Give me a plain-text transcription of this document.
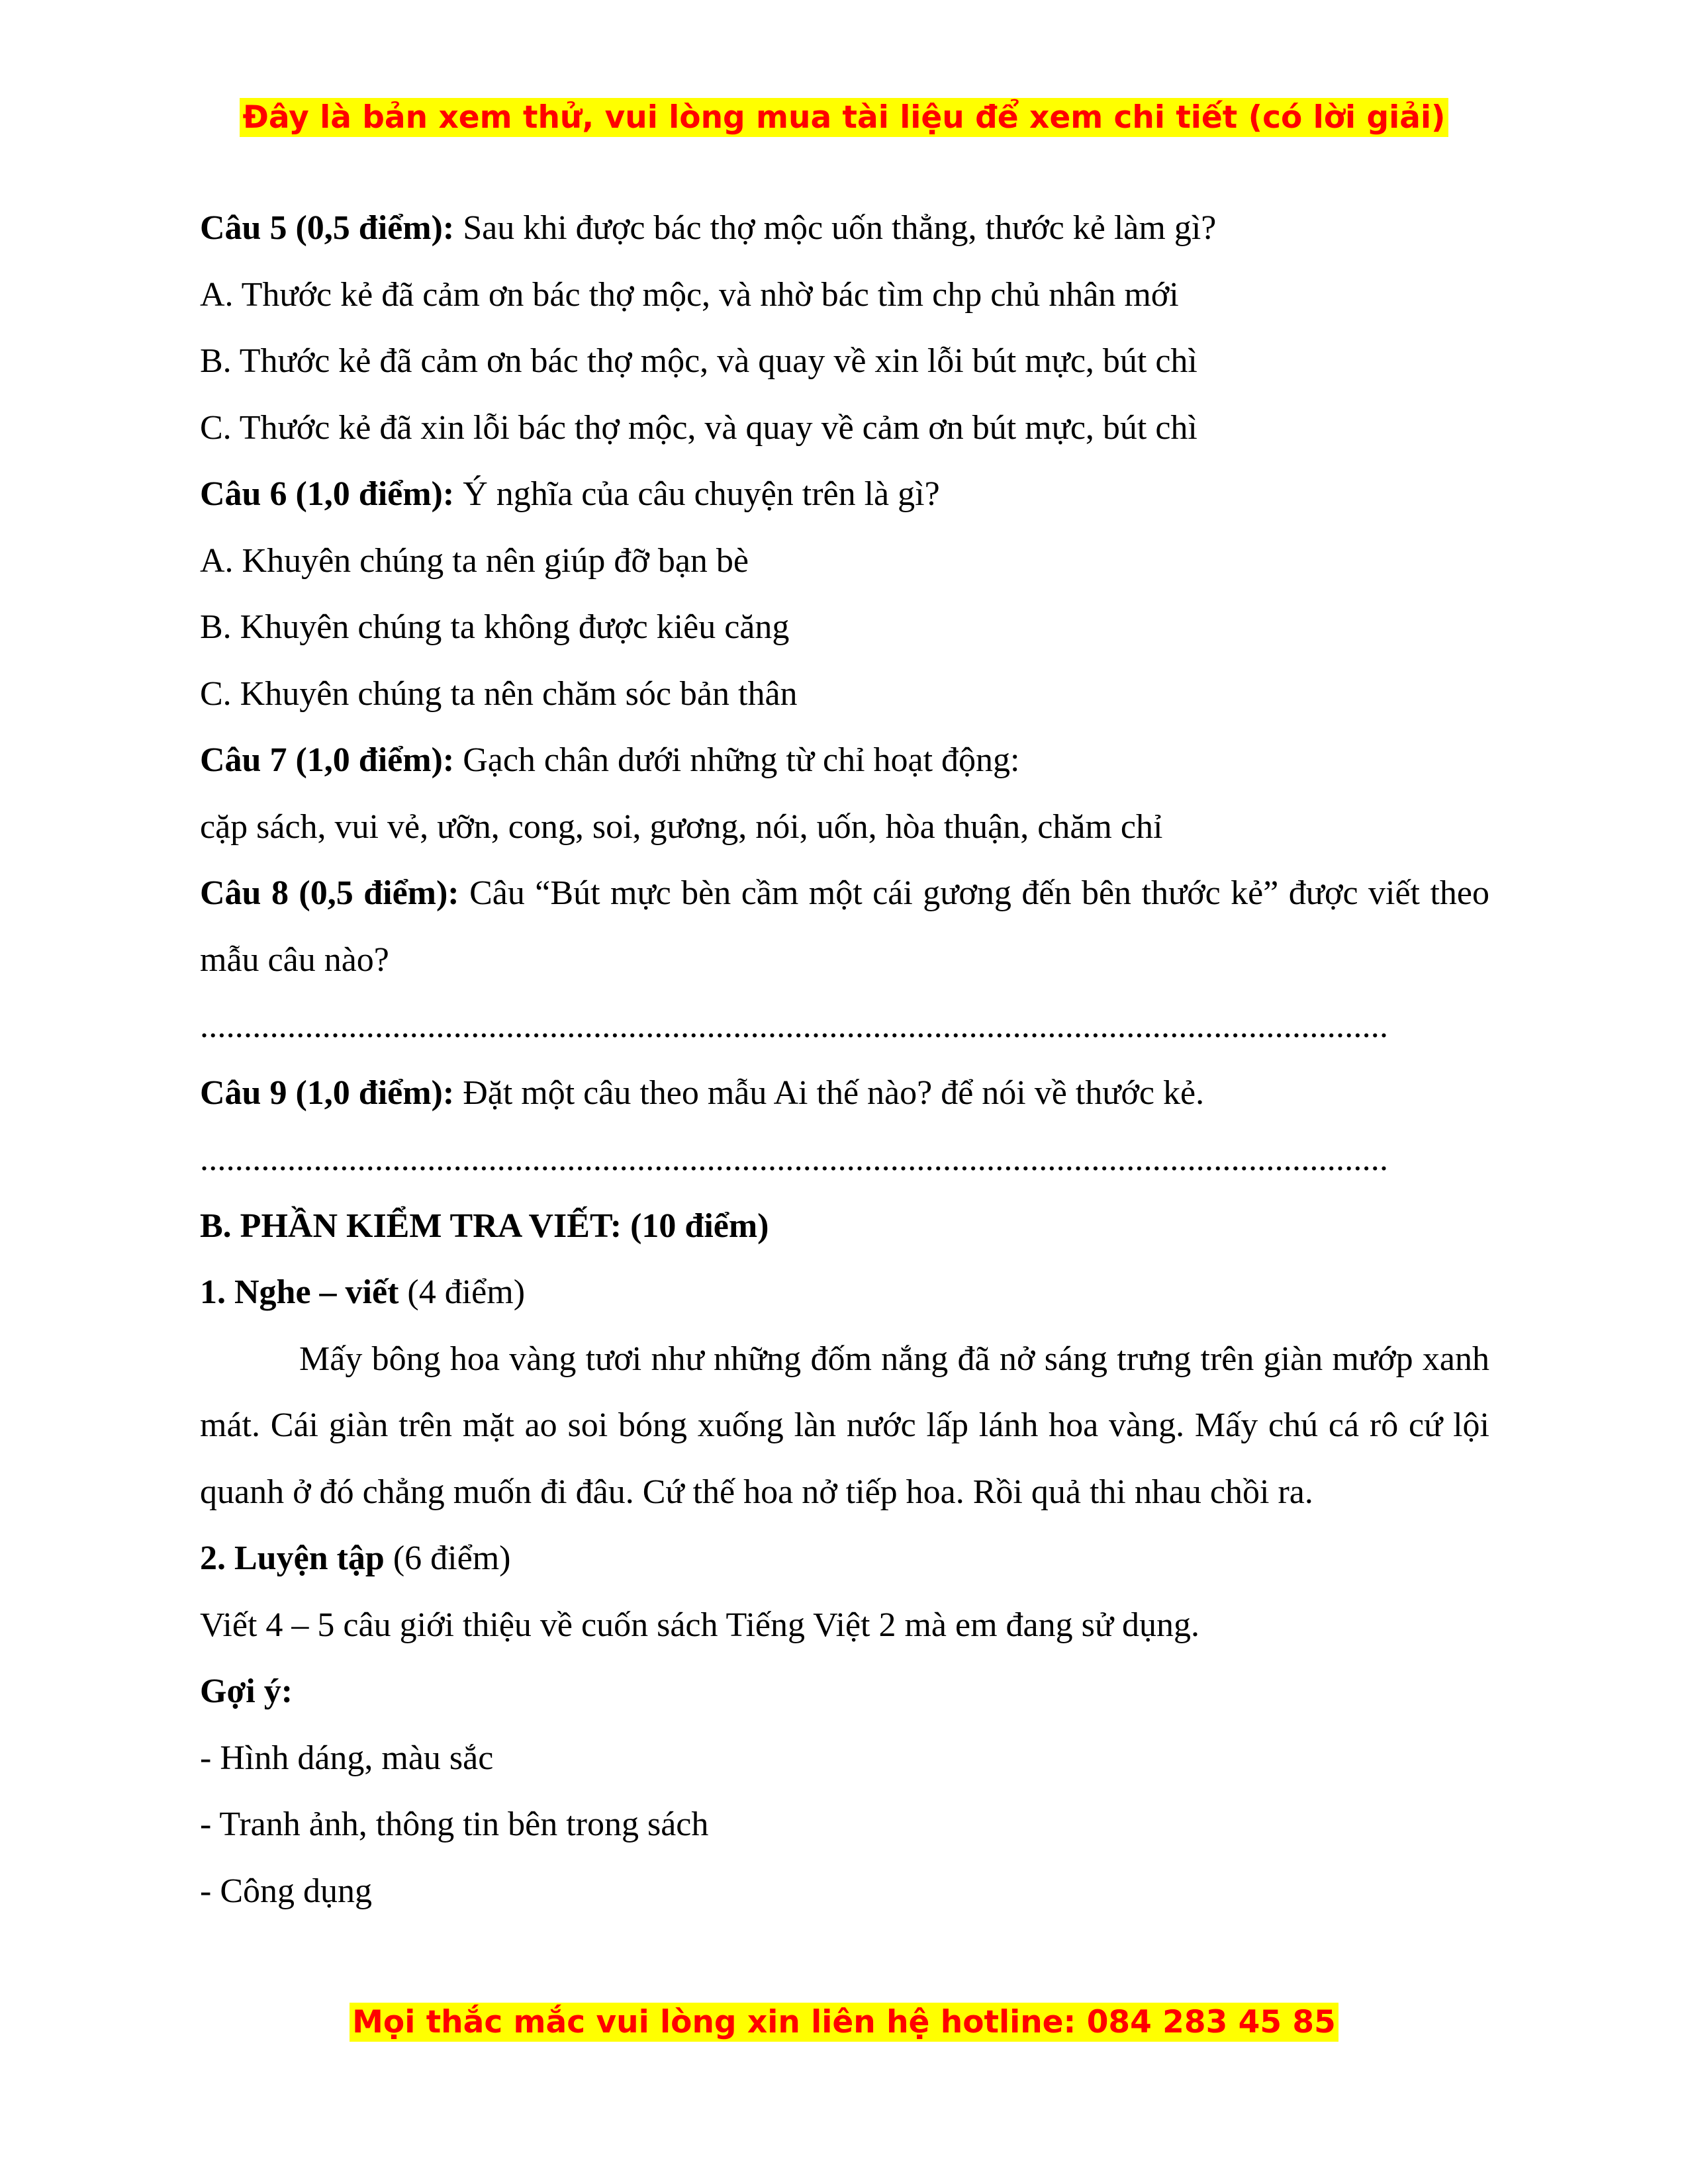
Đây là bản xem thử, vui lòng mua tài liệu để xem chi tiết (có lời giải)
Câu 5 (0,5 điểm): Sau khi được bác thợ mộc uốn thẳng, thước kẻ làm gì?
A. Thước kẻ đã cảm ơn bác thợ mộc, và nhờ bác tìm chp chủ nhân mới
B. Thước kẻ đã cảm ơn bác thợ mộc, và quay về xin lỗi bút mực, bút chì
C. Thước kẻ đã xin lỗi bác thợ mộc, và quay về cảm ơn bút mực, bút chì
Câu 6 (1,0 điểm): Ý nghĩa của câu chuyện trên là gì?
A. Khuyên chúng ta nên giúp đỡ bạn bè
B. Khuyên chúng ta không được kiêu căng
C. Khuyên chúng ta nên chăm sóc bản thân
Câu 7 (1,0 điểm): Gạch chân dưới những từ chỉ hoạt động:
cặp sách, vui vẻ, ưỡn, cong, soi, gương, nói, uốn, hòa thuận, chăm chỉ
Câu 8 (0,5 điểm): Câu “Bút mực bèn cầm một cái gương đến bên thước kẻ” được viết theo mẫu câu nào?
........................................................................................................................................
Câu 9 (1,0 điểm): Đặt một câu theo mẫu Ai thế nào? để nói về thước kẻ.
........................................................................................................................................
B. PHẦN KIỂM TRA VIẾT: (10 điểm)
1. Nghe – viết (4 điểm)
Mấy bông hoa vàng tươi như những đốm nắng đã nở sáng trưng trên giàn mướp xanh mát. Cái giàn trên mặt ao soi bóng xuống làn nước lấp lánh hoa vàng. Mấy chú cá rô cứ lội quanh ở đó chẳng muốn đi đâu. Cứ thế hoa nở tiếp hoa. Rồi quả thi nhau chồi ra.
2. Luyện tập (6 điểm)
Viết 4 – 5 câu giới thiệu về cuốn sách Tiếng Việt 2 mà em đang sử dụng.
Gợi ý:
- Hình dáng, màu sắc
- Tranh ảnh, thông tin bên trong sách
- Công dụng
Mọi thắc mắc vui lòng xin liên hệ hotline: 084 283 45 85
